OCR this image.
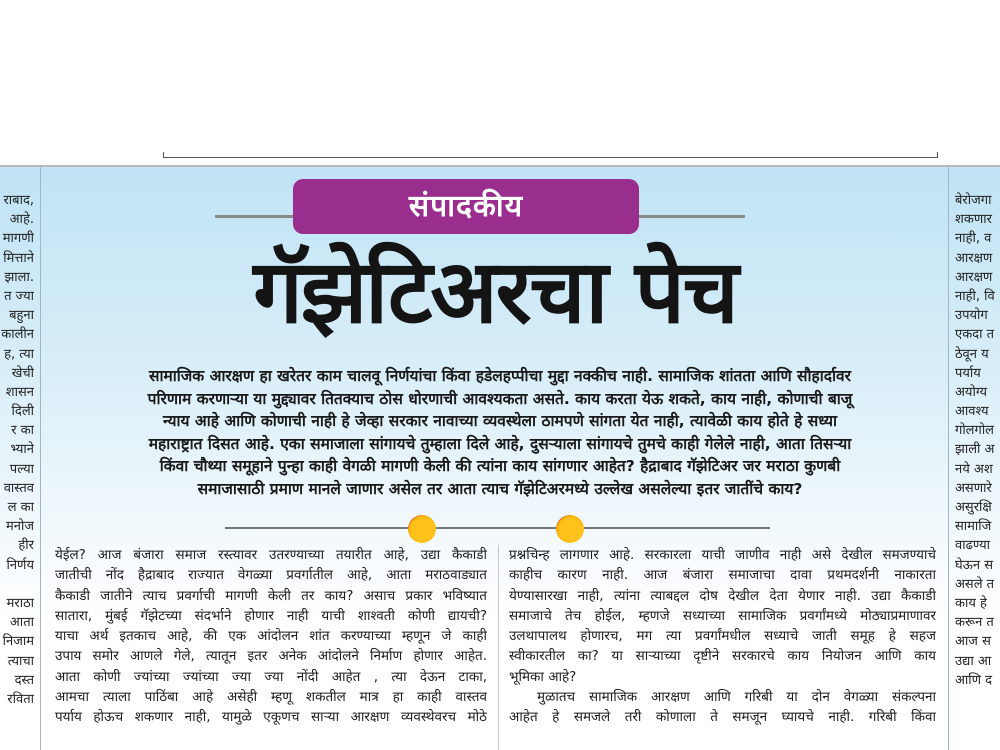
राबाद,
आहे.
मागणी
मित्ताने
झाला.
त ज्या
बहुना
कालीन
ह, त्या
खेची
शासन
दिली
र का
भ्याने
पल्या
वास्तव
ल का
मनोज
हीर
निर्णय
मराठा
आता
निजाम
त्याचा
दस्त
रविता
बेरोजगा
शकणार
नाही, व
आरक्षण
आरक्षण
नाही, वि
उपयोग
एकदा त
ठेवून य
पर्याय
अयोग्य
आवश्य
गोलगोल
झाली अ
नये अश
असणारे
असुरक्षि
सामाजि
वाढण्या
घेऊन स
असले त
काय हे
करून त
आज स
उद्या आ
आणि द
संपादकीय
गॅझेटिअरचा पेच
सामाजिक आरक्षण हा खरेतर काम चालवू निर्णयांचा किंवा हडेलहप्पीचा मुद्दा नक्कीच नाही. सामाजिक शांतता आणि सौहार्दावर
परिणाम करणाऱ्या या मुद्द्यावर तितक्याच ठोस धोरणाची आवश्यकता असते. काय करता येऊ शकते, काय नाही, कोणाची बाजू
न्याय आहे आणि कोणाची नाही हे जेव्हा सरकार नावाच्या व्यवस्थेला ठामपणे सांगता येत नाही, त्यावेळी काय होते हे सध्या
महाराष्ट्रात दिसत आहे. एका समाजाला सांगायचे तुम्हाला दिले आहे, दुसऱ्याला सांगायचे तुमचे काही गेलेले नाही, आता तिसऱ्या
किंवा चौथ्या समूहाने पुन्हा काही वेगळी मागणी केली की त्यांना काय सांगणार आहेत? हैद्राबाद गॅझेटिअर जर मराठा कुणबी
समाजासाठी प्रमाण मानले जाणार असेल तर आता त्याच गॅझेटिअरमध्ये उल्लेख असलेल्या इतर जातींचे काय?
येईल? आज बंजारा समाज रस्त्यावर उतरण्याच्या तयारीत आहे, उद्या कैकाडी
जातीची नोंद हैद्राबाद राज्यात वेगळ्या प्रवर्गातील आहे, आता मराठवाड्यात
कैकाडी जातीने त्याच प्रवर्गाची मागणी केली तर काय? असाच प्रकार भविष्यात
सातारा, मुंबई गॅझेटच्या संदर्भाने होणार नाही याची शाश्वती कोणी द्यायची?
याचा अर्थ इतकाच आहे, की एक आंदोलन शांत करण्याच्या म्हणून जे काही
उपाय समोर आणले गेले, त्यातून इतर अनेक आंदोलने निर्माण होणार आहेत.
आता कोणी ज्यांच्या ज्यांच्या ज्या ज्या नोंदी आहेत , त्या देऊन टाका,
आमचा त्याला पाठिंबा आहे असेही म्हणू शकतील मात्र हा काही वास्तव
पर्याय होऊच शकणार नाही, यामुळे एकूणच साऱ्या आरक्षण व्यवस्थेवरच मोठे
प्रश्नचिन्ह लागणार आहे. सरकारला याची जाणीव नाही असे देखील समजण्याचे
काहीच कारण नाही. आज बंजारा समाजाचा दावा प्रथमदर्शनी नाकारता
येण्यासारखा नाही, त्यांना त्याबद्दल दोष देखील देता येणार नाही. उद्या कैकाडी
समाजाचे तेच होईल, म्हणजे सध्याच्या सामाजिक प्रवर्गांमध्ये मोठ्याप्रमाणावर
उलथापालथ होणारच, मग त्या प्रवर्गांमधील सध्याचे जाती समूह हे सहज
स्वीकारतील का? या साऱ्याच्या दृष्टीने सरकारचे काय नियोजन आणि काय
भूमिका आहे?
मुळातच सामाजिक आरक्षण आणि गरिबी या दोन वेगळ्या संकल्पना
आहेत हे समजले तरी कोणाला ते समजून घ्यायचे नाही. गरिबी किंवा
